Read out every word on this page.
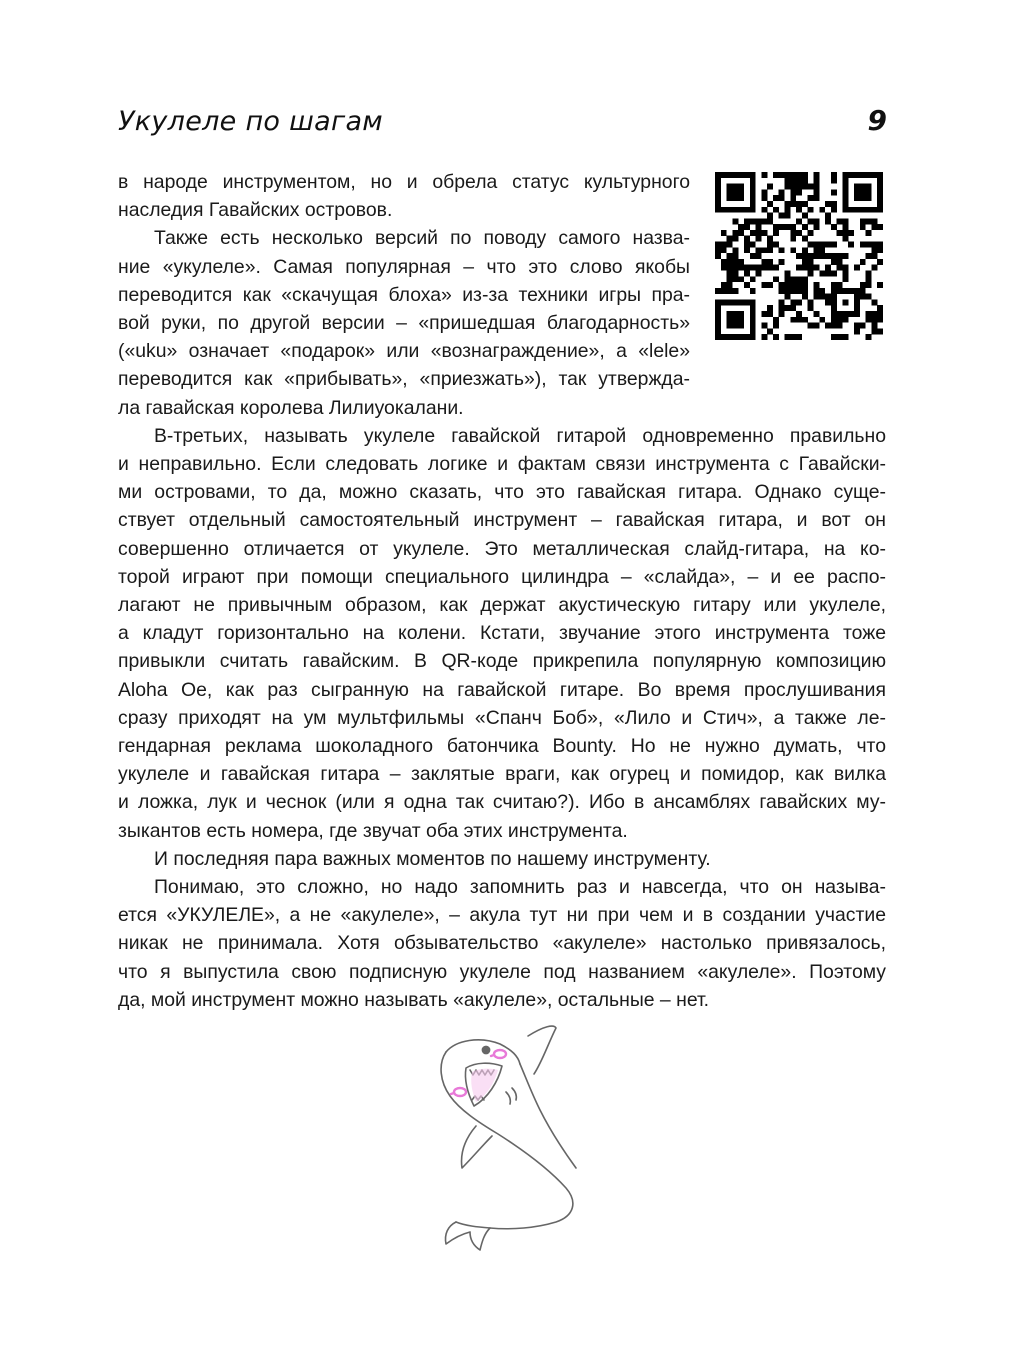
Укулеле по шагам	9

в народе инструментом, но и обрела статус культурного
наследия Гавайских островов.

Также есть несколько версий по поводу самого назва-
ние «укулеле». Самая популярная – что это слово якобы
переводится как «скачущая блоха» из-за техники игры пра-
вой руки, по другой версии – «пришедшая благодарность»
(«uku» означает «подарок» или «вознаграждение», а «lele»
переводится как «прибывать», «приезжать»), так утвержда-
ла гавайская королева Лилиуокалани.

В-третьих, называть укулеле гавайской гитарой одновременно правильно
и неправильно. Если следовать логике и фактам связи инструмента с Гавайски-
ми островами, то да, можно сказать, что это гавайская гитара. Однако суще-
ствует отдельный самостоятельный инструмент – гавайская гитара, и вот он
совершенно отличается от укулеле. Это металлическая слайд-гитара, на ко-
торой играют при помощи специального цилиндра – «слайда», – и ее распо-
лагают не привычным образом, как держат акустическую гитару или укулеле,
а кладут горизонтально на колени. Кстати, звучание этого инструмента тоже
привыкли считать гавайским. В QR-коде прикрепила популярную композицию
Aloha Oe, как раз сыгранную на гавайской гитаре. Во время прослушивания
сразу приходят на ум мультфильмы «Спанч Боб», «Лило и Стич», а также ле-
гендарная реклама шоколадного батончика Bounty. Но не нужно думать, что
укулеле и гавайская гитара – заклятые враги, как огурец и помидор, как вилка
и ложка, лук и чеснок (или я одна так считаю?). Ибо в ансамблях гавайских му-
зыкантов есть номера, где звучат оба этих инструмента.

И последняя пара важных моментов по нашему инструменту.

Понимаю, это сложно, но надо запомнить раз и навсегда, что он называ-
ется «УКУЛЕЛЕ», а не «акулеле», – акула тут ни при чем и в создании участие
никак не принимала. Хотя обзывательство «акулеле» настолько привязалось,
что я выпустила свою подписную укулеле под названием «акулеле». Поэтому
да, мой инструмент можно называть «акулеле», остальные – нет.
